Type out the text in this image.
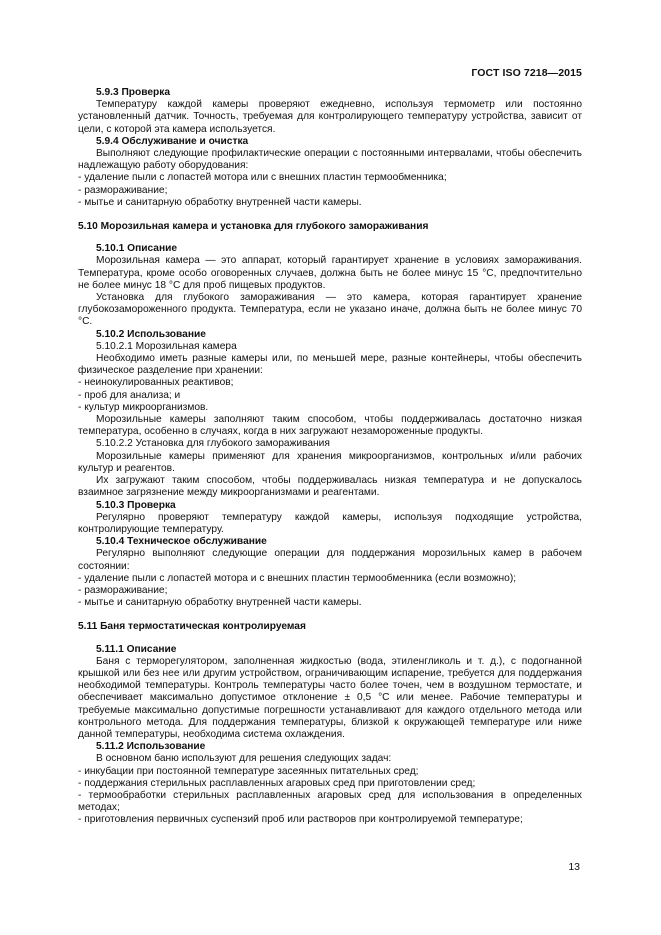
ГОСТ ISO 7218—2015

5.9.3 Проверка

Температуру каждой камеры проверяют ежедневно, используя термометр или постоянно установленный датчик. Точность, требуемая для контролирующего температуру устройства, зависит от цели, с которой эта камера используется.

5.9.4 Обслуживание и очистка

Выполняют следующие профилактические операции с постоянными интервалами, чтобы обеспечить надлежащую работу оборудования:

- удаление пыли с лопастей мотора или с внешних пластин термообменника;

- размораживание;

- мытье и санитарную обработку внутренней части камеры.

5.10 Морозильная камера и установка для глубокого замораживания

5.10.1 Описание

Морозильная камера — это аппарат, который гарантирует хранение в условиях замораживания. Температура, кроме особо оговоренных случаев, должна быть не более минус 15 °С, предпочтительно не более минус 18 °С для проб пищевых продуктов.

Установка для глубокого замораживания — это камера, которая гарантирует хранение глубокозамороженного продукта. Температура, если не указано иначе, должна быть не более минус 70 °С.

5.10.2 Использование

5.10.2.1 Морозильная камера

Необходимо иметь разные камеры или, по меньшей мере, разные контейнеры, чтобы обеспечить физическое разделение при хранении:

- неинокулированных реактивов;

- проб для анализа; и

- культур микроорганизмов.

Морозильные камеры заполняют таким способом, чтобы поддерживалась достаточно низкая температура, особенно в случаях, когда в них загружают незамороженные продукты.

5.10.2.2 Установка для глубокого замораживания

Морозильные камеры применяют для хранения микроорганизмов, контрольных и/или рабочих культур и реагентов.

Их загружают таким способом, чтобы поддерживалась низкая температура и не допускалось взаимное загрязнение между микроорганизмами и реагентами.

5.10.3 Проверка

Регулярно проверяют температуру каждой камеры, используя подходящие устройства, контролирующие температуру.

5.10.4 Техническое обслуживание

Регулярно выполняют следующие операции для поддержания морозильных камер в рабочем состоянии:

- удаление пыли с лопастей мотора и с внешних пластин термообменника (если возможно);

- размораживание;

- мытье и санитарную обработку внутренней части камеры.

5.11 Баня термостатическая контролируемая

5.11.1 Описание

Баня с терморегулятором, заполненная жидкостью (вода, этиленгликоль и т. д.), с подогнанной крышкой или без нее или другим устройством, ограничивающим испарение, требуется для поддержания необходимой температуры. Контроль температуры часто более точен, чем в воздушном термостате, и обеспечивает максимально допустимое отклонение ± 0,5 °С или менее. Рабочие температуры и требуемые максимально допустимые погрешности устанавливают для каждого отдельного метода или контрольного метода. Для поддержания температуры, близкой к окружающей температуре или ниже данной температуры, необходима система охлаждения.

5.11.2 Использование

В основном баню используют для решения следующих задач:

- инкубации при постоянной температуре засеянных питательных сред;

- поддержания стерильных расплавленных агаровых сред при приготовлении сред;

- термообработки стерильных расплавленных агаровых сред для использования в определенных методах;

- приготовления первичных суспензий проб или растворов при контролируемой температуре;

13
